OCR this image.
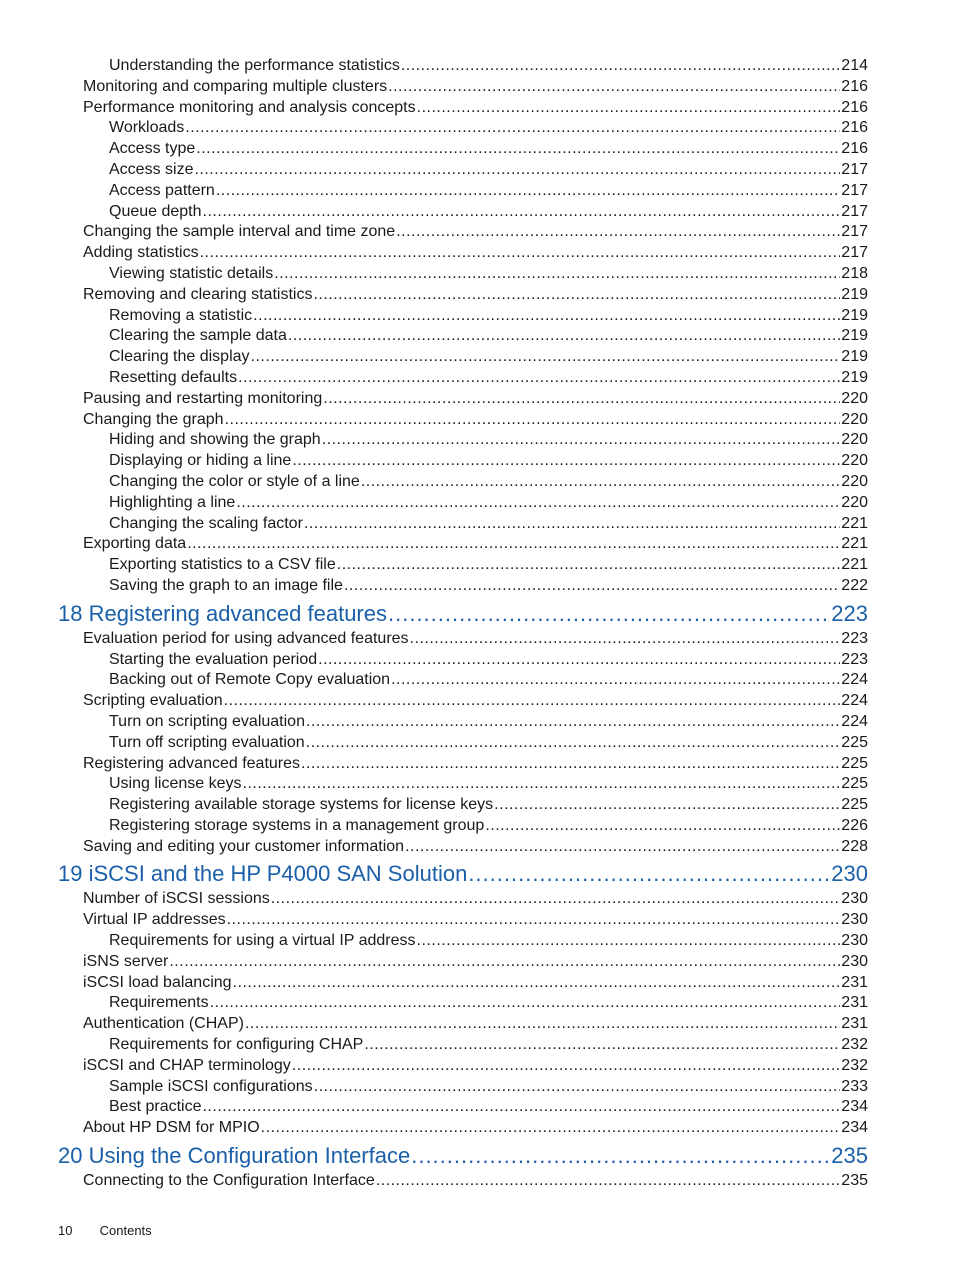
Understanding the performance statistics .....	214
Monitoring and comparing multiple clusters .....	216
Performance monitoring and analysis concepts .....	216
Workloads .....	216
Access type .....	216
Access size .....	217
Access pattern .....	217
Queue depth .....	217
Changing the sample interval and time zone .....	217
Adding statistics .....	217
Viewing statistic details .....	218
Removing and clearing statistics .....	219
Removing a statistic .....	219
Clearing the sample data .....	219
Clearing the display .....	219
Resetting defaults .....	219
Pausing and restarting monitoring .....	220
Changing the graph .....	220
Hiding and showing the graph .....	220
Displaying or hiding a line .....	220
Changing the color or style of a line .....	220
Highlighting a line .....	220
Changing the scaling factor .....	221
Exporting data .....	221
Exporting statistics to a CSV file .....	221
Saving the graph to an image file .....	222
18 Registering advanced features .....	223
Evaluation period for using advanced features .....	223
Starting the evaluation period .....	223
Backing out of Remote Copy evaluation .....	224
Scripting evaluation .....	224
Turn on scripting evaluation .....	224
Turn off scripting evaluation .....	225
Registering advanced features .....	225
Using license keys .....	225
Registering available storage systems for license keys .....	225
Registering storage systems in a management group .....	226
Saving and editing your customer information .....	228
19 iSCSI and the HP P4000 SAN Solution .....	230
Number of iSCSI sessions .....	230
Virtual IP addresses .....	230
Requirements for using a virtual IP address .....	230
iSNS server .....	230
iSCSI load balancing .....	231
Requirements .....	231
Authentication (CHAP) .....	231
Requirements for configuring CHAP .....	232
iSCSI and CHAP terminology .....	232
Sample iSCSI configurations .....	233
Best practice .....	234
About HP DSM for MPIO .....	234
20 Using the Configuration Interface .....	235
Connecting to the Configuration Interface .....	235
10 Contents
